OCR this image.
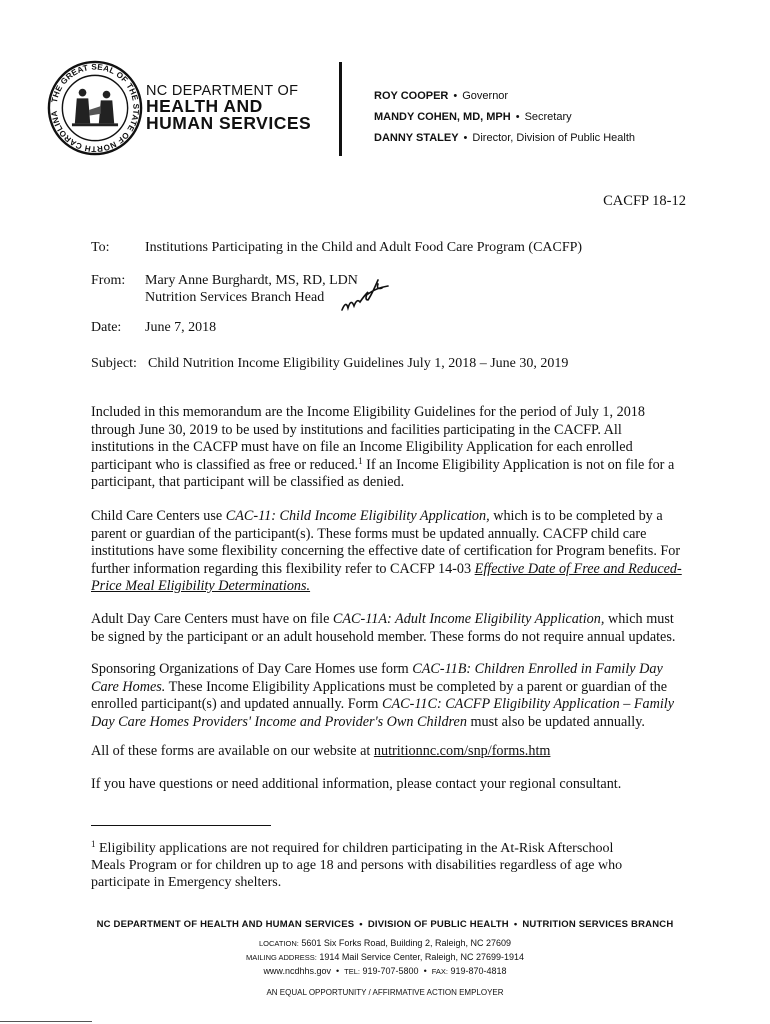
THE GREAT SEAL OF THE STATE OF NORTH CAROLINA
NC DEPARTMENT OF
HEALTH AND
HUMAN SERVICES
ROY COOPER • Governor
MANDY COHEN, MD, MPH • Secretary
DANNY STALEY • Director, Division of Public Health
CACFP 18-12
To:	Institutions Participating in the Child and Adult Food Care Program (CACFP)
From: Mary Anne Burghardt, MS, RD, LDN
Nutrition Services Branch Head
Date: June 7, 2018
Subject: Child Nutrition Income Eligibility Guidelines July 1, 2018 – June 30, 2019
Included in this memorandum are the Income Eligibility Guidelines for the period of July 1, 2018 through June 30, 2019 to be used by institutions and facilities participating in the CACFP. All institutions in the CACFP must have on file an Income Eligibility Application for each enrolled participant who is classified as free or reduced.$^1$ If an Income Eligibility Application is not on file for a participant, that participant will be classified as denied.
Child Care Centers use CAC-11: Child Income Eligibility Application, which is to be completed by a parent or guardian of the participant(s). These forms must be updated annually. CACFP child care institutions have some flexibility concerning the effective date of certification for Program benefits. For further information regarding this flexibility refer to CACFP 14-03 Effective Date of Free and Reduced-Price Meal Eligibility Determinations.
Adult Day Care Centers must have on file CAC-11A: Adult Income Eligibility Application, which must be signed by the participant or an adult household member. These forms do not require annual updates.
Sponsoring Organizations of Day Care Homes use form CAC-11B: Children Enrolled in Family Day Care Homes. These Income Eligibility Applications must be completed by a parent or guardian of the enrolled participant(s) and updated annually. Form CAC-11C: CACFP Eligibility Application – Family Day Care Homes Providers' Income and Provider's Own Children must also be updated annually.
All of these forms are available on our website at nutritionnc.com/snp/forms.htm
If you have questions or need additional information, please contact your regional consultant.
$^1$ Eligibility applications are not required for children participating in the At-Risk Afterschool Meals Program or for children up to age 18 and persons with disabilities regardless of age who participate in Emergency shelters.
NC DEPARTMENT OF HEALTH AND HUMAN SERVICES • DIVISION OF PUBLIC HEALTH • NUTRITION SERVICES BRANCH
LOCATION: 5601 Six Forks Road, Building 2, Raleigh, NC 27609
MAILING ADDRESS: 1914 Mail Service Center, Raleigh, NC 27699-1914
www.ncdhhs.gov • TEL: 919-707-5800 • FAX: 919-870-4818
AN EQUAL OPPORTUNITY / AFFIRMATIVE ACTION EMPLOYER
